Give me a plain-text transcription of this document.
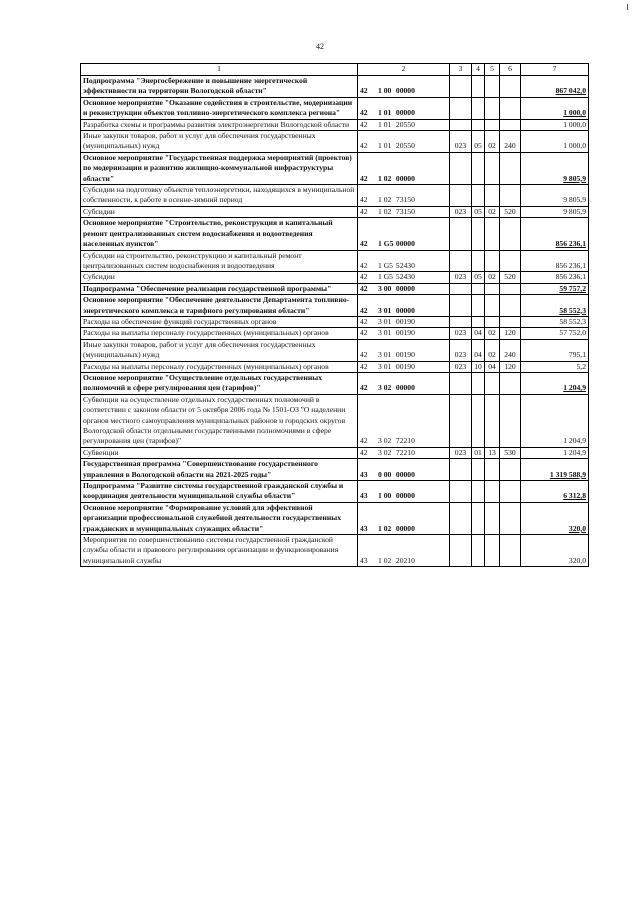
42
1	2	3	4	5	6	7
Подпрограмма "Энергосбережение и повышение энергетической эффективности на территории Вологодской области"	42 1 00 00000					867 042,0
Основное мероприятие "Оказание содействия в строительстве, модернизации и реконструкции объектов топливно-энергетического комплекса региона"	42 1 01 00000					1 000,0
Разработка схемы и программы развития электроэнергетики Вологодской области	42 1 01 20550					1 000,0
Иные закупки товаров, работ и услуг для обеспечения государственных (муниципальных) нужд	42 1 01 20550	023	05	02	240	1 000,0
Основное мероприятие "Государственная поддержка мероприятий (проектов) по модернизации и развитию жилищно-коммунальной инфраструктуры области"	42 1 02 00000					9 805,9
Субсидии на подготовку объектов теплоэнергетики, находящихся в муниципальной собственности, к работе в осенне-зимний период	42 1 02 73150					9 805,9
Субсидии	42 1 02 73150	023	05	02	520	9 805,9
Основное мероприятие "Строительство, реконструкция и капитальный ремонт централизованных систем водоснабжения и водоотведения населенных пунктов"	42 1 G5 00000					856 236,1
Субсидии на строительство, реконструкцию и капитальный ремонт централизованных систем водоснабжения и водоотведения	42 1 G5 52430					856 236,1
Субсидии	42 1 G5 52430	023	05	02	520	856 236,1
Подпрограмма "Обеспечение реализации государственной программы"	42 3 00 00000					59 757,2
Основное мероприятие "Обеспечение деятельности Департамента топливно-энергетического комплекса и тарифного регулирования области"	42 3 01 00000					58 552,3
Расходы на обеспечение функций государственных органов	42 3 01 00190					58 552,3
Расходы на выплаты персоналу государственных (муниципальных) органов	42 3 01 00190	023	04	02	120	57 752,0
Иные закупки товаров, работ и услуг для обеспечения государственных (муниципальных) нужд	42 3 01 00190	023	04	02	240	795,1
Расходы на выплаты персоналу государственных (муниципальных) органов	42 3 01 00190	023	10	04	120	5,2
Основное мероприятие "Осуществление отдельных государственных полномочий в сфере регулирования цен (тарифов)"	42 3 02 00000					1 204,9
Субвенции на осуществление отдельных государственных полномочий в соответствии с законом области от 5 октября 2006 года № 1501-ОЗ "О наделении органов местного самоуправления муниципальных районов и городских округов Вологодской области отдельными государственными полномочиями в сфере регулирования цен (тарифов)"	42 3 02 72210					1 204,9
Субвенции	42 3 02 72210	023	01	13	530	1 204,9
Государственная программа "Совершенствование государственного управления в Вологодской области на 2021-2025 годы"	43 0 00 00000					1 319 588,9
Подпрограмма "Развитие системы государственной гражданской службы и координация деятельности муниципальной службы области"	43 1 00 00000					6 312,8
Основное мероприятие "Формирование условий для эффективной организации профессиональной служебной деятельности государственных гражданских и муниципальных служащих области"	43 1 02 00000					320,0
Мероприятия по совершенствованию системы государственной гражданской службы области и правового регулирования организации и функционирования муниципальной службы	43 1 02 20210					320,0
